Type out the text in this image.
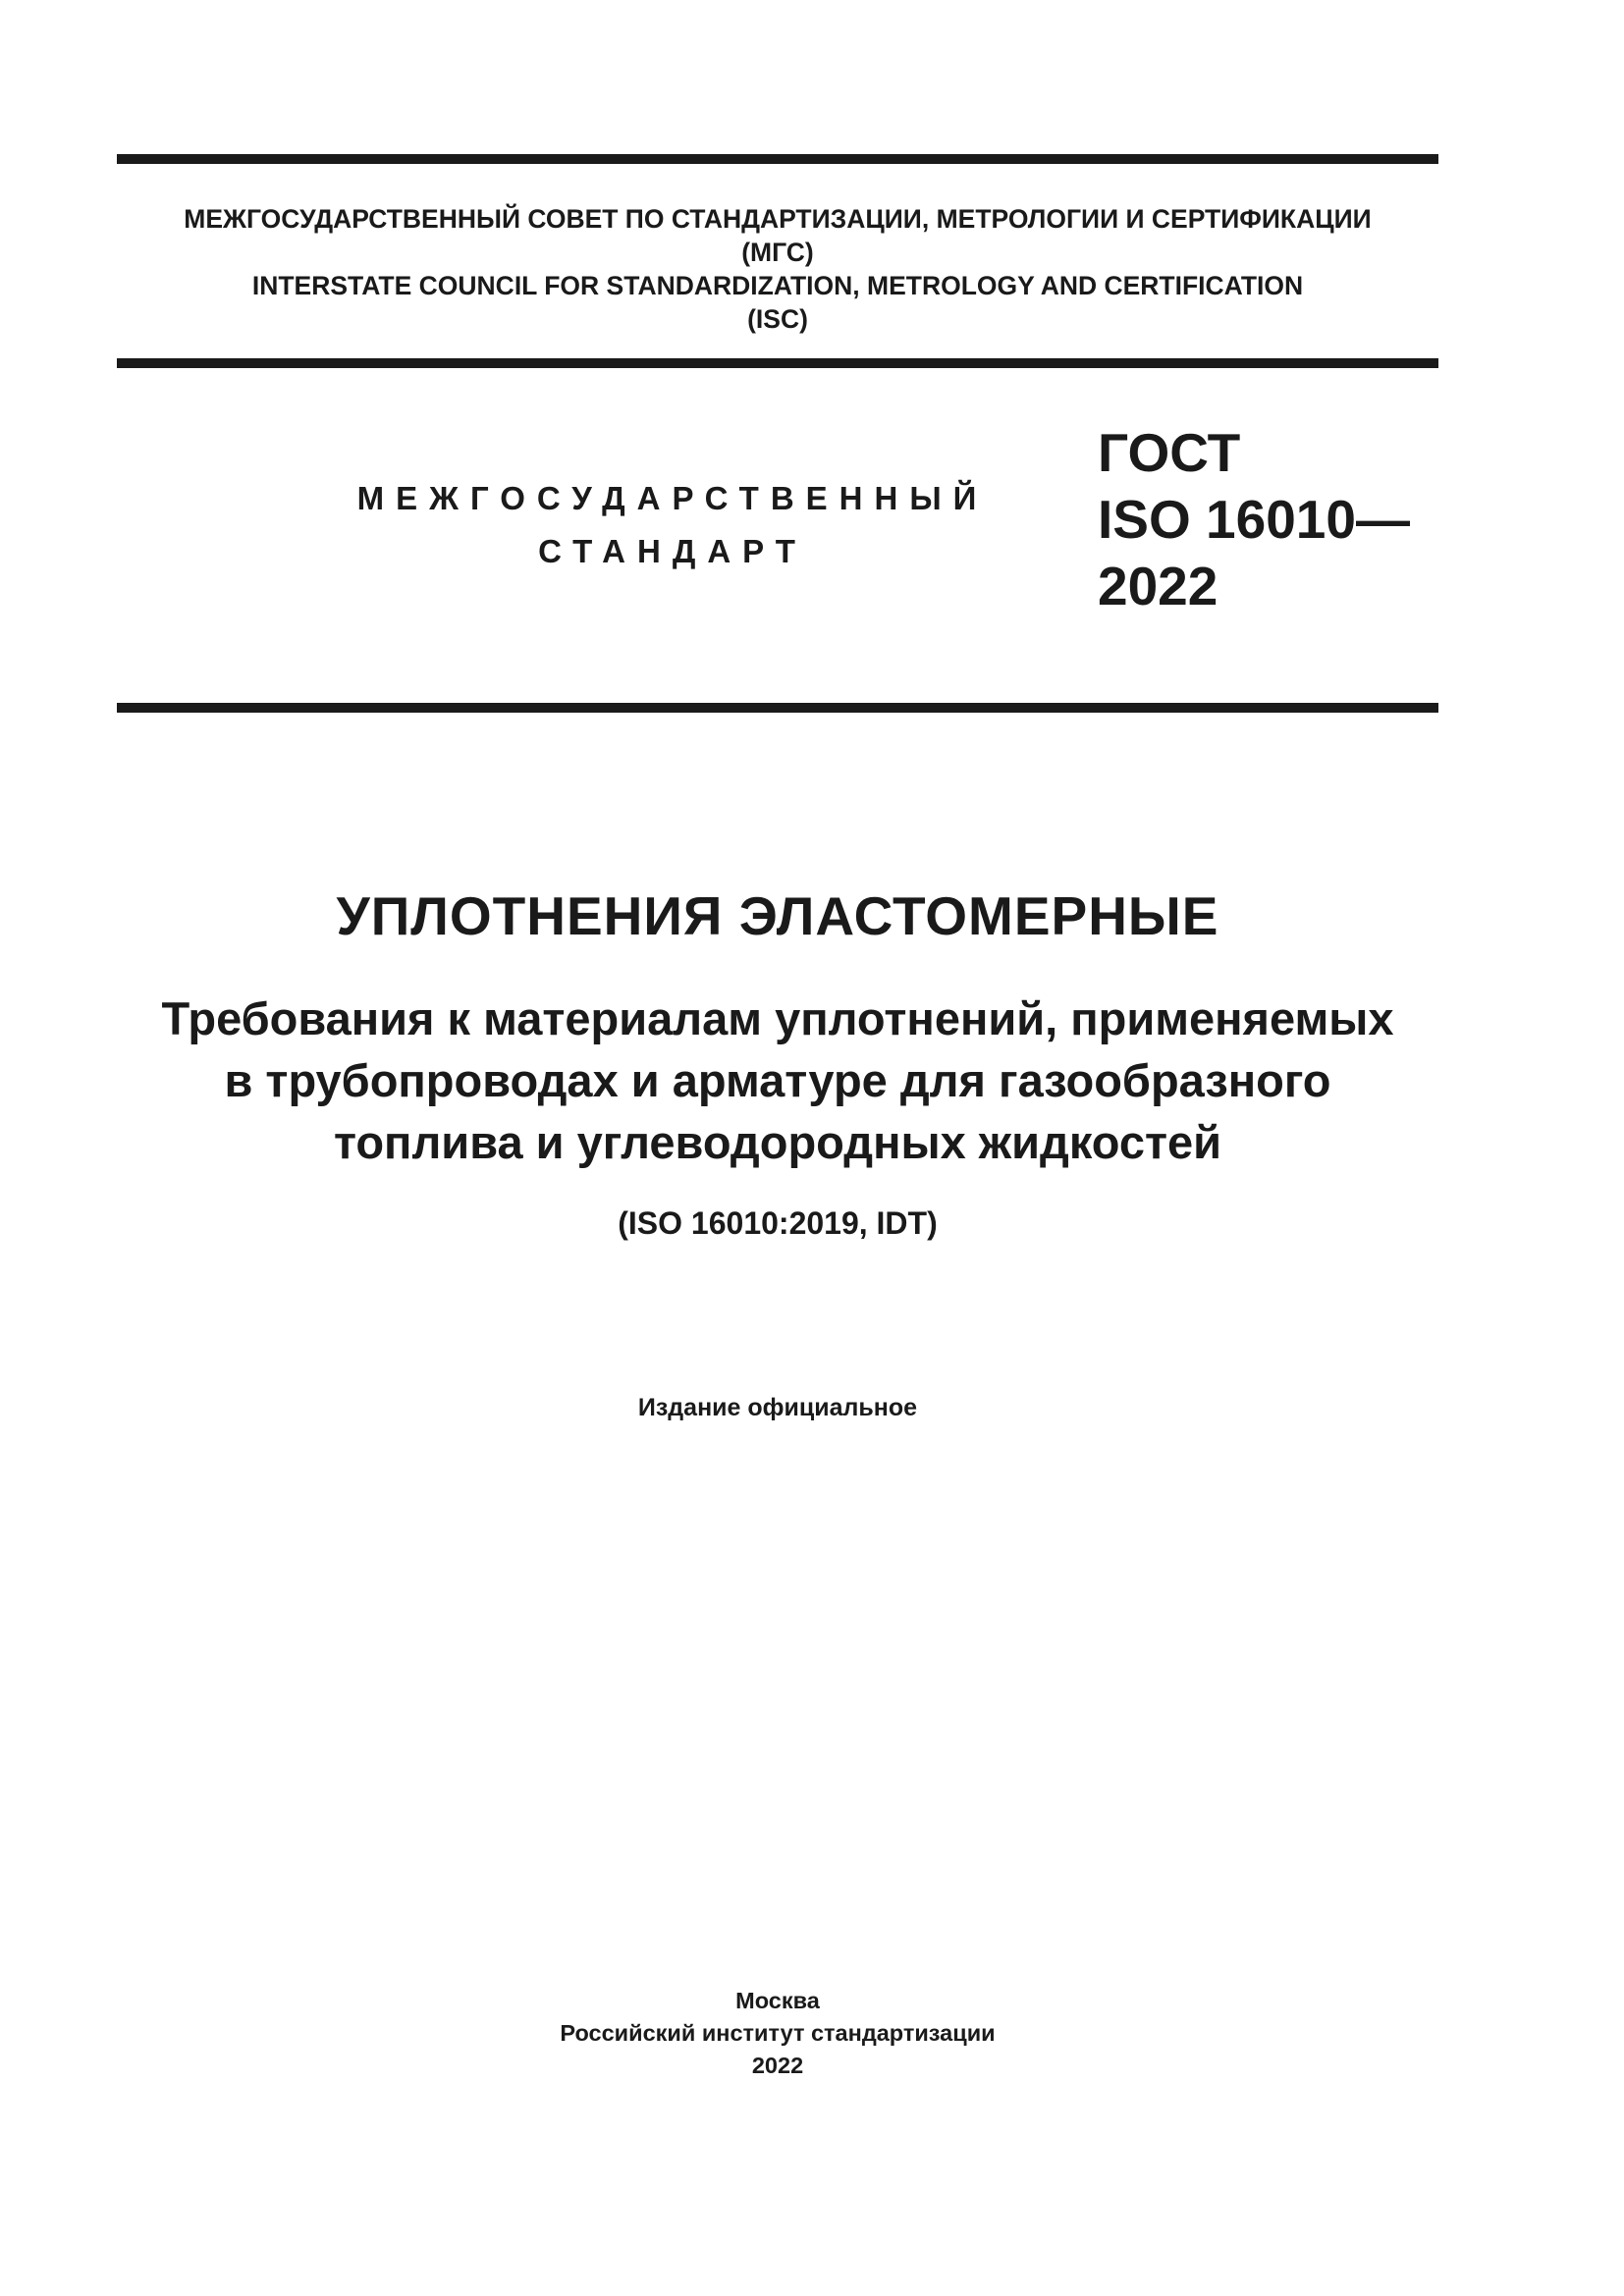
МЕЖГОСУДАРСТВЕННЫЙ СОВЕТ ПО СТАНДАРТИЗАЦИИ, МЕТРОЛОГИИ И СЕРТИФИКАЦИИ
(МГС)
INTERSTATE COUNCIL FOR STANDARDIZATION, METROLOGY AND CERTIFICATION
(ISC)
МЕЖГОСУДАРСТВЕННЫЙ
СТАНДАРТ
ГОСТ
ISO 16010—
2022
УПЛОТНЕНИЯ ЭЛАСТОМЕРНЫЕ
Требования к материалам уплотнений, применяемых
в трубопроводах и арматуре для газообразного
топлива и углеводородных жидкостей
(ISO 16010:2019, IDT)
Издание официальное
Москва
Российский институт стандартизации
2022
